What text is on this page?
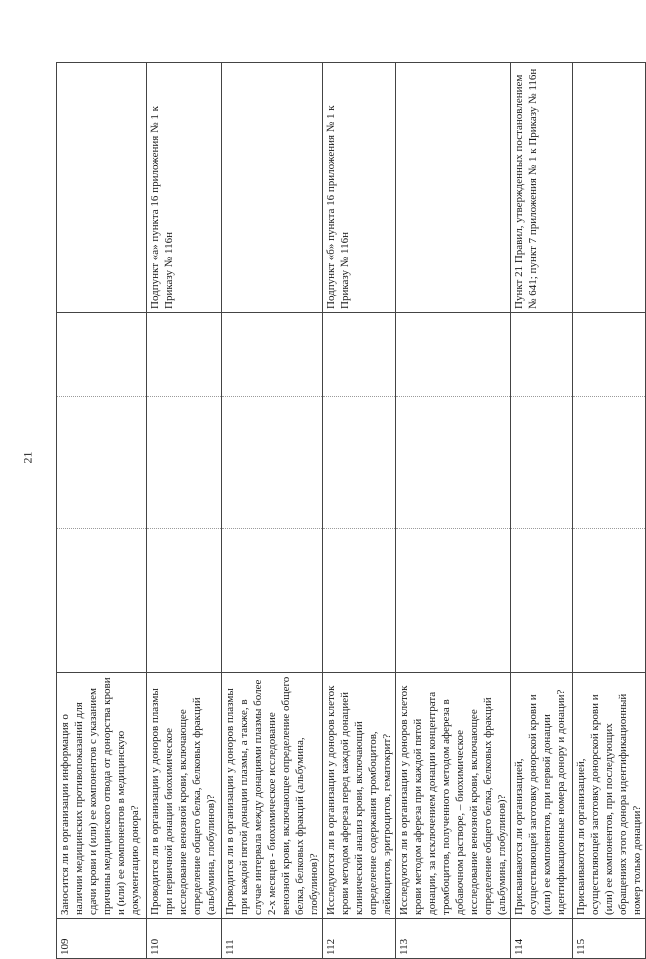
21
109	Заносится ли в организации информация о наличии медицинских противопоказаний для сдачи крови и (или) ее компонентов с указанием причины медицинского отвода от донорства крови и (или) ее компонентов в медицинскую документацию донора?				
110	Проводится ли в организации у доноров плазмы при первичной донации биохимическое исследование венозной крови, включающее определение общего белка, белковых фракций (альбумина, глобулинов)?				Подпункт «а» пункта 16 приложения № 1 к Приказу № 116н
111	Проводится ли в организации у доноров плазмы при каждой пятой донации плазмы, а также, в случае интервала между донациями плазмы более 2-х месяцев - биохимическое исследование венозной крови, включающее определение общего белка, белковых фракций (альбумина, глобулинов)?				
112	Исследуются ли в организации у доноров клеток крови методом афереза перед каждой донацией клинический анализ крови, включающий определение содержания тромбоцитов, лейкоцитов, эритроцитов, гематокрит?				Подпункт «б» пункта 16 приложения № 1 к Приказу № 116н
113	Исследуются ли в организации у доноров клеток крови методом афереза при каждой пятой донации, за исключением донации концентрата тромбоцитов, полученного методом афереза в добавочном растворе, – биохимическое исследование венозной крови, включающее определение общего белка, белковых фракций (альбумина, глобулинов)?				
114	Присваиваются ли организацией, осуществляющей заготовку донорской крови и (или) ее компонентов, при первой донации идентификационные номера донору и донации?				Пункт 21 Правил, утвержденных постановлением № 641; пункт 7 приложения № 1 к Приказу № 116н
115	Присваиваются ли организацией, осуществляющей заготовку донорской крови и (или) ее компонентов, при последующих обращениях этого донора идентификационный номер только донации?				
